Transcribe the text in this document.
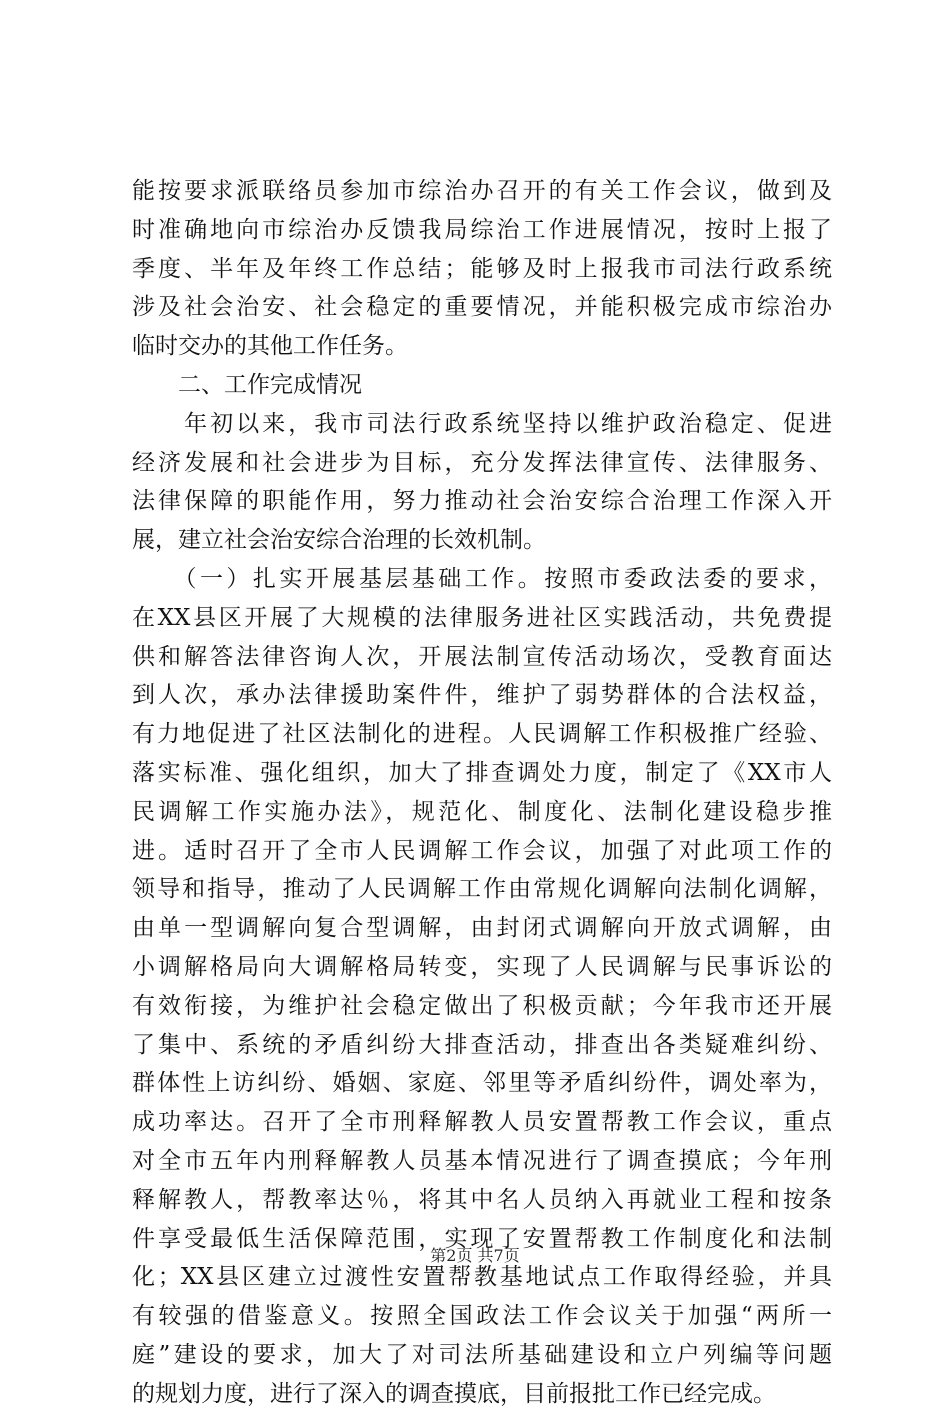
能按要求派联络员参加市综治办召开的有关工作会议，做到及
时准确地向市综治办反馈我局综治工作进展情况，按时上报了
季度、半年及年终工作总结；能够及时上报我市司法行政系统
涉及社会治安、社会稳定的重要情况，并能积极完成市综治办
临时交办的其他工作任务。
　　二、工作完成情况
　　年初以来，我市司法行政系统坚持以维护政治稳定、促进
经济发展和社会进步为目标，充分发挥法律宣传、法律服务、
法律保障的职能作用，努力推动社会治安综合治理工作深入开
展，建立社会治安综合治理的长效机制。
　　（一）扎实开展基层基础工作。按照市委政法委的要求，
在XX县区开展了大规模的法律服务进社区实践活动，共免费提
供和解答法律咨询人次，开展法制宣传活动场次，受教育面达
到人次，承办法律援助案件件，维护了弱势群体的合法权益，
有力地促进了社区法制化的进程。人民调解工作积极推广经验、
落实标准、强化组织，加大了排查调处力度，制定了《XX市人
民调解工作实施办法》，规范化、制度化、法制化建设稳步推
进。适时召开了全市人民调解工作会议，加强了对此项工作的
领导和指导，推动了人民调解工作由常规化调解向法制化调解，
由单一型调解向复合型调解，由封闭式调解向开放式调解，由
小调解格局向大调解格局转变，实现了人民调解与民事诉讼的
有效衔接，为维护社会稳定做出了积极贡献；今年我市还开展
了集中、系统的矛盾纠纷大排查活动，排查出各类疑难纠纷、
群体性上访纠纷、婚姻、家庭、邻里等矛盾纠纷件，调处率为，
成功率达。召开了全市刑释解教人员安置帮教工作会议，重点
对全市五年内刑释解教人员基本情况进行了调查摸底；今年刑
释解教人，帮教率达％，将其中名人员纳入再就业工程和按条
件享受最低生活保障范围，实现了安置帮教工作制度化和法制
化；XX县区建立过渡性安置帮教基地试点工作取得经验，并具
有较强的借鉴意义。按照全国政法工作会议关于加强“两所一
庭”建设的要求，加大了对司法所基础建设和立户列编等问题
的规划力度，进行了深入的调查摸底，目前报批工作已经完成。
第2页 共7页
